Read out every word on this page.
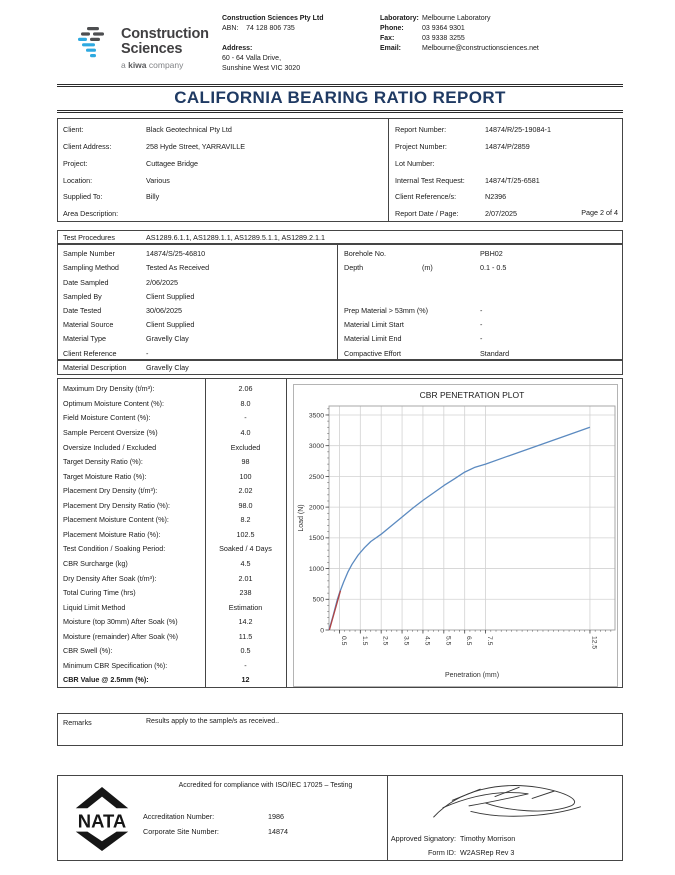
Construction
Sciences
a kiwa company
Construction Sciences Pty Ltd
ABN: 74 128 806 735
Address:
60 - 64 Valla Drive,
Sunshine West VIC 3020
Laboratory: Melbourne Laboratory
Phone:	03 9364 9301
Fax:	03 9338 3255
Email:	Melbourne@constructionsciences.net
CALIFORNIA BEARING RATIO REPORT
Client:	Black Geotechnical Pty Ltd
Client Address:	258 Hyde Street, YARRAVILLE
Project:	Cuttagee Bridge
Location:	Various
Supplied To:	Billy
Area Description:
Report Number:	14874/R/25-19084-1
Project Number:	14874/P/2859
Lot Number:
Internal Test Request:	14874/T/25-6581
Client Reference/s:	N2396
Report Date / Page:	2/07/2025	Page 2 of 4
Test Procedures	AS1289.6.1.1, AS1289.1.1, AS1289.5.1.1, AS1289.2.1.1
Sample Number	14874/S/25-46810
Sampling Method	Tested As Received
Date Sampled	2/06/2025
Sampled By	Client Supplied
Date Tested	30/06/2025
Material Source	Client Supplied
Material Type	Gravelly Clay
Client Reference	-
Borehole No.	PBH02
Depth	(m)	0.1 - 0.5
Prep Material > 53mm (%)	-
Material Limit Start	-
Material Limit End	-
Compactive Effort	Standard
Material Description	Gravelly Clay
Maximum Dry Density (t/m³):	2.06
Optimum Moisture Content (%):	8.0
Field Moisture Content (%):	-
Sample Percent Oversize (%)	4.0
Oversize Included / Excluded	Excluded
Target Density Ratio (%):	98
Target Moisture Ratio (%):	100
Placement Dry Density (t/m³):	2.02
Placement Dry Density Ratio (%):	98.0
Placement Moisture Content (%):	8.2
Placement Moisture Ratio (%):	102.5
Test Condition / Soaking Period:	Soaked / 4 Days
CBR Surcharge (kg)	4.5
Dry Density After Soak (t/m³):	2.01
Total Curing Time (hrs)	238
Liquid Limit Method	Estimation
Moisture (top 30mm) After Soak (%)	14.2
Moisture (remainder) After Soak (%)	11.5
CBR Swell (%):	0.5
Minimum CBR Specification (%):	-
CBR Value @ 2.5mm (%):	12
CBR PENETRATION PLOT
0.5 1.5 2.5 3.5 4.5 5.5 6.5 7.5	12.5
0
500
1000
1500
2000
2500
3000
3500
Load (N)
Penetration (mm)
Remarks	Results apply to the sample/s as received..
NATA
Accredited for compliance with ISO/IEC 17025 – Testing
Accreditation Number:	1986
Corporate Site Number:	14874
Approved Signatory: Timothy Morrison
Form ID: W2ASRep Rev 3
